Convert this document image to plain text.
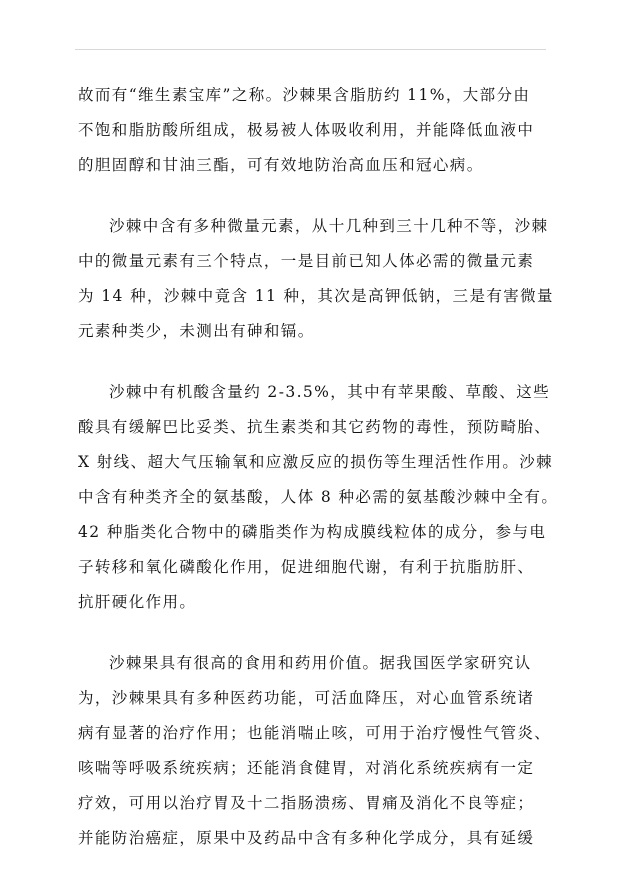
故而有“维生素宝库”之称。沙棘果含脂肪约 11%，大部分由
不饱和脂肪酸所组成，极易被人体吸收利用，并能降低血液中
的胆固醇和甘油三酯，可有效地防治高血压和冠心病。
沙棘中含有多种微量元素，从十几种到三十几种不等，沙棘
中的微量元素有三个特点，一是目前已知人体必需的微量元素
为 14 种，沙棘中竟含 11 种，其次是高钾低钠，三是有害微量
元素种类少，未测出有砷和镉。
沙棘中有机酸含量约 2-3.5%，其中有苹果酸、草酸、这些
酸具有缓解巴比妥类、抗生素类和其它药物的毒性，预防畸胎、
X 射线、超大气压输氧和应激反应的损伤等生理活性作用。沙棘
中含有种类齐全的氨基酸，人体 8 种必需的氨基酸沙棘中全有。
42 种脂类化合物中的磷脂类作为构成膜线粒体的成分，参与电
子转移和氧化磷酸化作用，促进细胞代谢，有利于抗脂肪肝、
抗肝硬化作用。
沙棘果具有很高的食用和药用价值。据我国医学家研究认
为，沙棘果具有多种医药功能，可活血降压，对心血管系统诸
病有显著的治疗作用；也能消喘止咳，可用于治疗慢性气管炎、
咳喘等呼吸系统疾病；还能消食健胃，对消化系统疾病有一定
疗效，可用以治疗胃及十二指肠溃疡、胃痛及消化不良等症；
并能防治癌症，原果中及药品中含有多种化学成分，具有延缓
